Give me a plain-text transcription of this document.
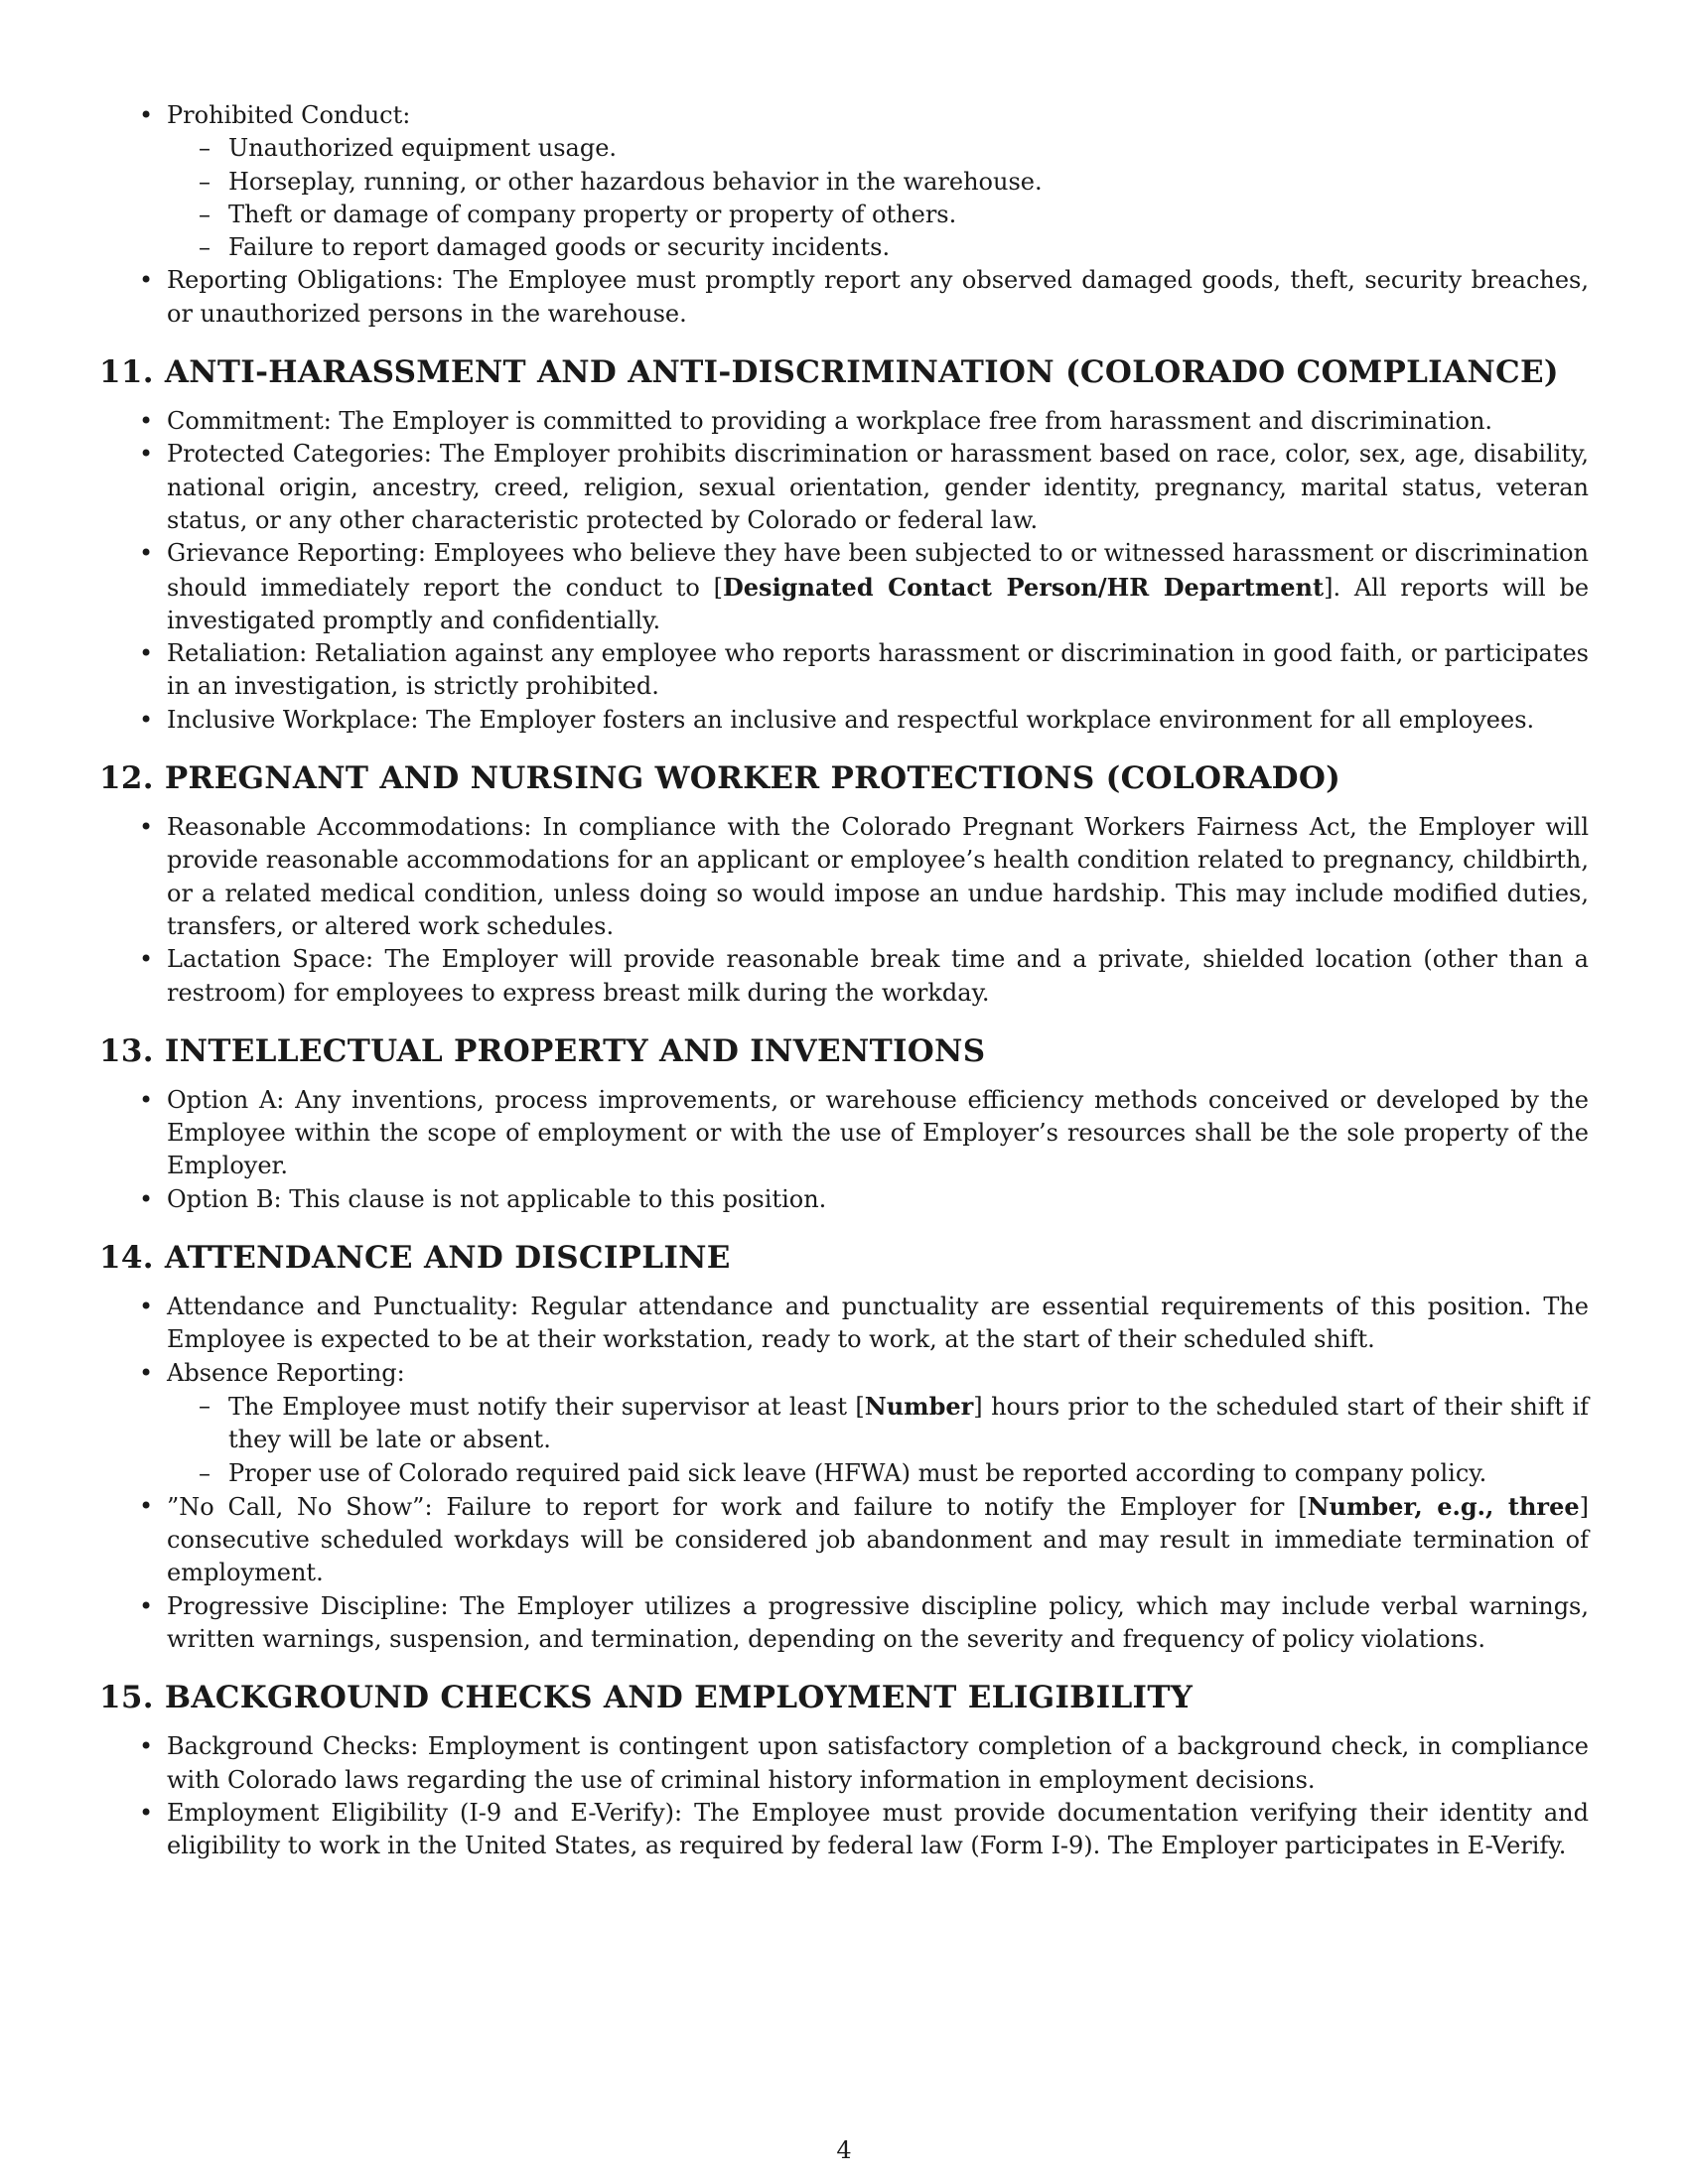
• Prohibited Conduct:
– Unauthorized equipment usage.
– Horseplay, running, or other hazardous behavior in the warehouse.
– Theft or damage of company property or property of others.
– Failure to report damaged goods or security incidents.
• Reporting Obligations: The Employee must promptly report any observed damaged goods, theft, security breaches, or unauthorized persons in the warehouse.
11. ANTI-HARASSMENT AND ANTI-DISCRIMINATION (COLORADO COMPLIANCE)
• Commitment: The Employer is committed to providing a workplace free from harassment and discrimination.
• Protected Categories: The Employer prohibits discrimination or harassment based on race, color, sex, age, disability, national origin, ancestry, creed, religion, sexual orientation, gender identity, pregnancy, marital status, veteran status, or any other characteristic protected by Colorado or federal law.
• Grievance Reporting: Employees who believe they have been subjected to or witnessed harassment or discrimination should immediately report the conduct to [Designated Contact Person/HR Department]. All reports will be investigated promptly and confidentially.
• Retaliation: Retaliation against any employee who reports harassment or discrimination in good faith, or participates in an investigation, is strictly prohibited.
• Inclusive Workplace: The Employer fosters an inclusive and respectful workplace environment for all employees.
12. PREGNANT AND NURSING WORKER PROTECTIONS (COLORADO)
• Reasonable Accommodations: In compliance with the Colorado Pregnant Workers Fairness Act, the Employer will provide reasonable accommodations for an applicant or employee’s health condition related to pregnancy, childbirth, or a related medical condition, unless doing so would impose an undue hardship. This may include modified duties, transfers, or altered work schedules.
• Lactation Space: The Employer will provide reasonable break time and a private, shielded location (other than a restroom) for employees to express breast milk during the workday.
13. INTELLECTUAL PROPERTY AND INVENTIONS
• Option A: Any inventions, process improvements, or warehouse efficiency methods conceived or developed by the Employee within the scope of employment or with the use of Employer’s resources shall be the sole property of the Employer.
• Option B: This clause is not applicable to this position.
14. ATTENDANCE AND DISCIPLINE
• Attendance and Punctuality: Regular attendance and punctuality are essential requirements of this position. The Employee is expected to be at their workstation, ready to work, at the start of their scheduled shift.
• Absence Reporting:
– The Employee must notify their supervisor at least [Number] hours prior to the scheduled start of their shift if they will be late or absent.
– Proper use of Colorado required paid sick leave (HFWA) must be reported according to company policy.
• ”No Call, No Show”: Failure to report for work and failure to notify the Employer for [Number, e.g., three] consecutive scheduled workdays will be considered job abandonment and may result in immediate termination of employment.
• Progressive Discipline: The Employer utilizes a progressive discipline policy, which may include verbal warnings, written warnings, suspension, and termination, depending on the severity and frequency of policy violations.
15. BACKGROUND CHECKS AND EMPLOYMENT ELIGIBILITY
• Background Checks: Employment is contingent upon satisfactory completion of a background check, in compliance with Colorado laws regarding the use of criminal history information in employment decisions.
• Employment Eligibility (I-9 and E-Verify): The Employee must provide documentation verifying their identity and eligibility to work in the United States, as required by federal law (Form I-9). The Employer participates in E-Verify.
4
